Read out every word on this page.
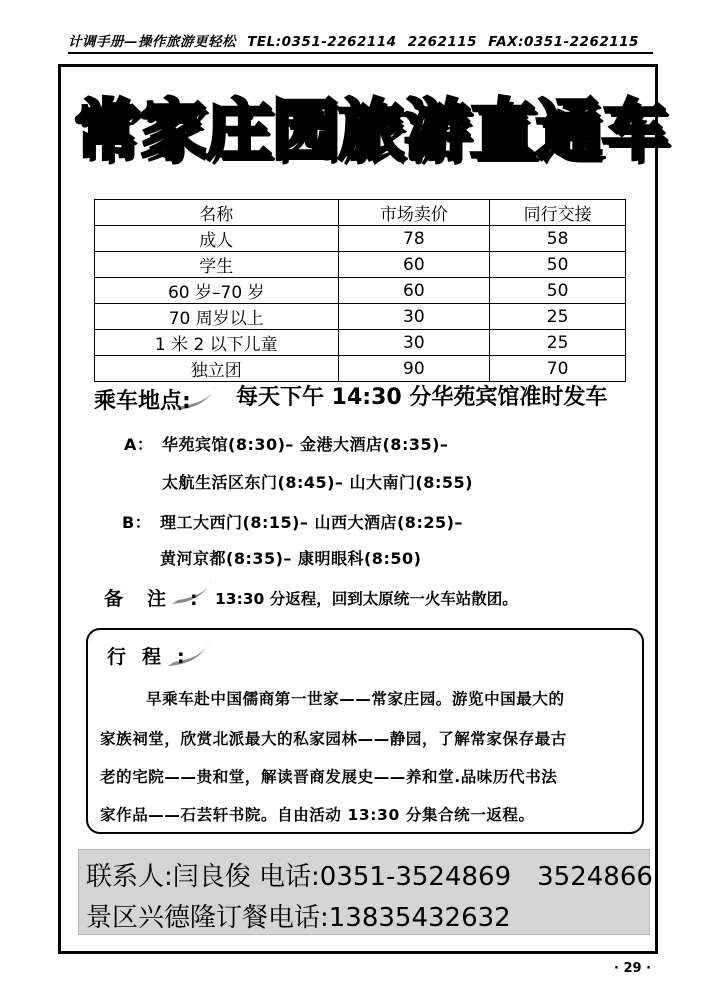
计调手册—操作旅游更轻松 TEL:0351-2262114 2262115 FAX:0351-2262115
常 家 庄 园 旅 游 直 通 车
名称	市场卖价	同行交接
成人	78	58
学生	60	50
60 岁–70 岁	60	50
70 周岁以上	30	25
1 米 2 以下儿童	30	25
独立团	90	70
乘车地点: 每天下午 14:30 分华苑宾馆准时发车
A： 华苑宾馆(8:30)– 金港大酒店(8:35)–
太航生活区东门(8:45)– 山大南门(8:55)
B： 理工大西门(8:15)– 山西大酒店(8:25)–
黄河京都(8:35)– 康明眼科(8:50)
备注:
13:30 分返程，回到太原统一火车站散团。
行程:
早乘车赴中国儒商第一世家——常家庄园。游览中国最大的
家族祠堂，欣赏北派最大的私家园林——静园，了解常家保存最古
老的宅院——贵和堂，解读晋商发展史——养和堂.品味历代书法
家作品——石芸轩书院。自由活动 13:30 分集合统一返程。
联系人:闫良俊 电话:0351-3524869　3524866
景区兴德隆订餐电话:13835432632
· 29 ·
